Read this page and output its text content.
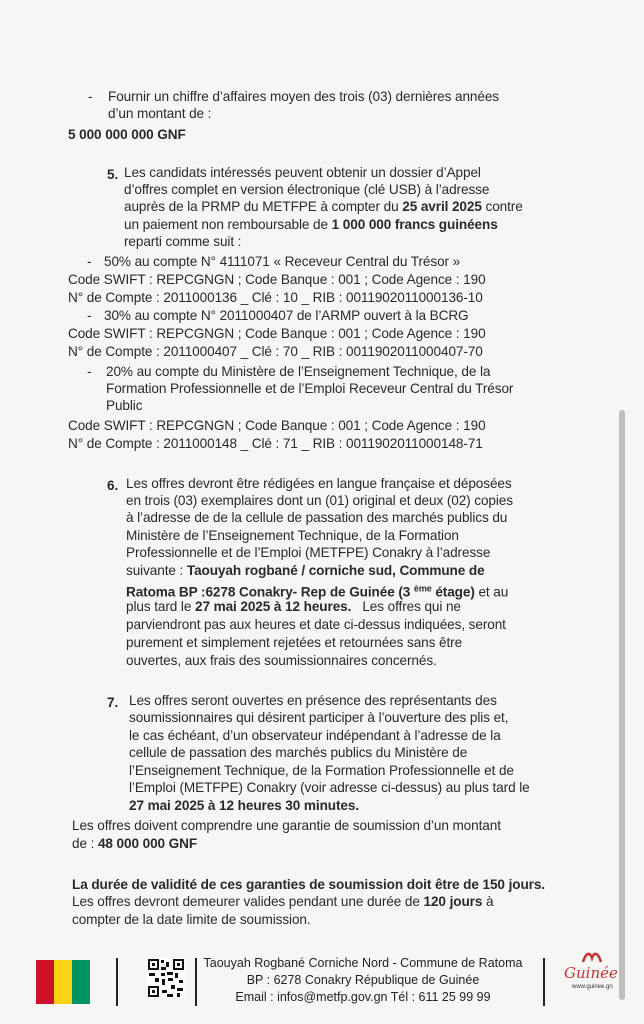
- Fournir un chiffre d’affaires moyen des trois (03) dernières années
d’un montant de :
5 000 000 000 GNF
5. Les candidats intéressés peuvent obtenir un dossier d’Appel
d’offres complet en version électronique (clé USB) à l’adresse
auprès de la PRMP du METFPE à compter du 25 avril 2025 contre
un paiement non remboursable de 1 000 000 francs guinéens
reparti comme suit :
- 50% au compte N° 4111071 « Receveur Central du Trésor »
Code SWIFT : REPCGNGN ; Code Banque : 001 ; Code Agence : 190
N° de Compte : 2011000136 _ Clé : 10 _ RIB : 0011902011000136-10
- 30% au compte N° 2011000407 de l’ARMP ouvert à la BCRG
Code SWIFT : REPCGNGN ; Code Banque : 001 ; Code Agence : 190
N° de Compte : 2011000407 _ Clé : 70 _ RIB : 0011902011000407-70
- 20% au compte du Ministère de l’Enseignement Technique, de la
Formation Professionnelle et de l’Emploi Receveur Central du Trésor
Public
Code SWIFT : REPCGNGN ; Code Banque : 001 ; Code Agence : 190
N° de Compte : 2011000148 _ Clé : 71 _ RIB : 0011902011000148-71
6. Les offres devront être rédigées en langue française et déposées
en trois (03) exemplaires dont un (01) original et deux (02) copies
à l’adresse de de la cellule de passation des marchés publics du
Ministère de l’Enseignement Technique, de la Formation
Professionnelle et de l’Emploi (METFPE) Conakry à l’adresse
suivante : Taouyah rogbané / corniche sud, Commune de
Ratoma BP :6278 Conakry- Rep de Guinée (3 $^{ème}$ étage) et au
plus tard le 27 mai 2025 à 12 heures.   Les offres qui ne
parviendront pas aux heures et date ci-dessus indiquées, seront
purement et simplement rejetées et retournées sans être
ouvertes, aux frais des soumissionnaires concernés.
7. Les offres seront ouvertes en présence des représentants des
soumissionnaires qui désirent participer à l’ouverture des plis et,
le cas échéant, d’un observateur indépendant à l’adresse de la
cellule de passation des marchés publics du Ministère de
l’Enseignement Technique, de la Formation Professionnelle et de
l’Emploi (METFPE) Conakry (voir adresse ci-dessus) au plus tard le
27 mai 2025 à 12 heures 30 minutes.
Les offres doivent comprendre une garantie de soumission d’un montant
de : 48 000 000 GNF
La durée de validité de ces garanties de soumission doit être de 150 jours.
Les offres devront demeurer valides pendant une durée de 120 jours à
compter de la date limite de soumission.
Taouyah Rogbané Corniche Nord - Commune de Ratoma
BP : 6278 Conakry République de Guinée
Email : infos@metfp.gov.gn Tél : 611 25 99 99
Guinée
www.guinee.gn
